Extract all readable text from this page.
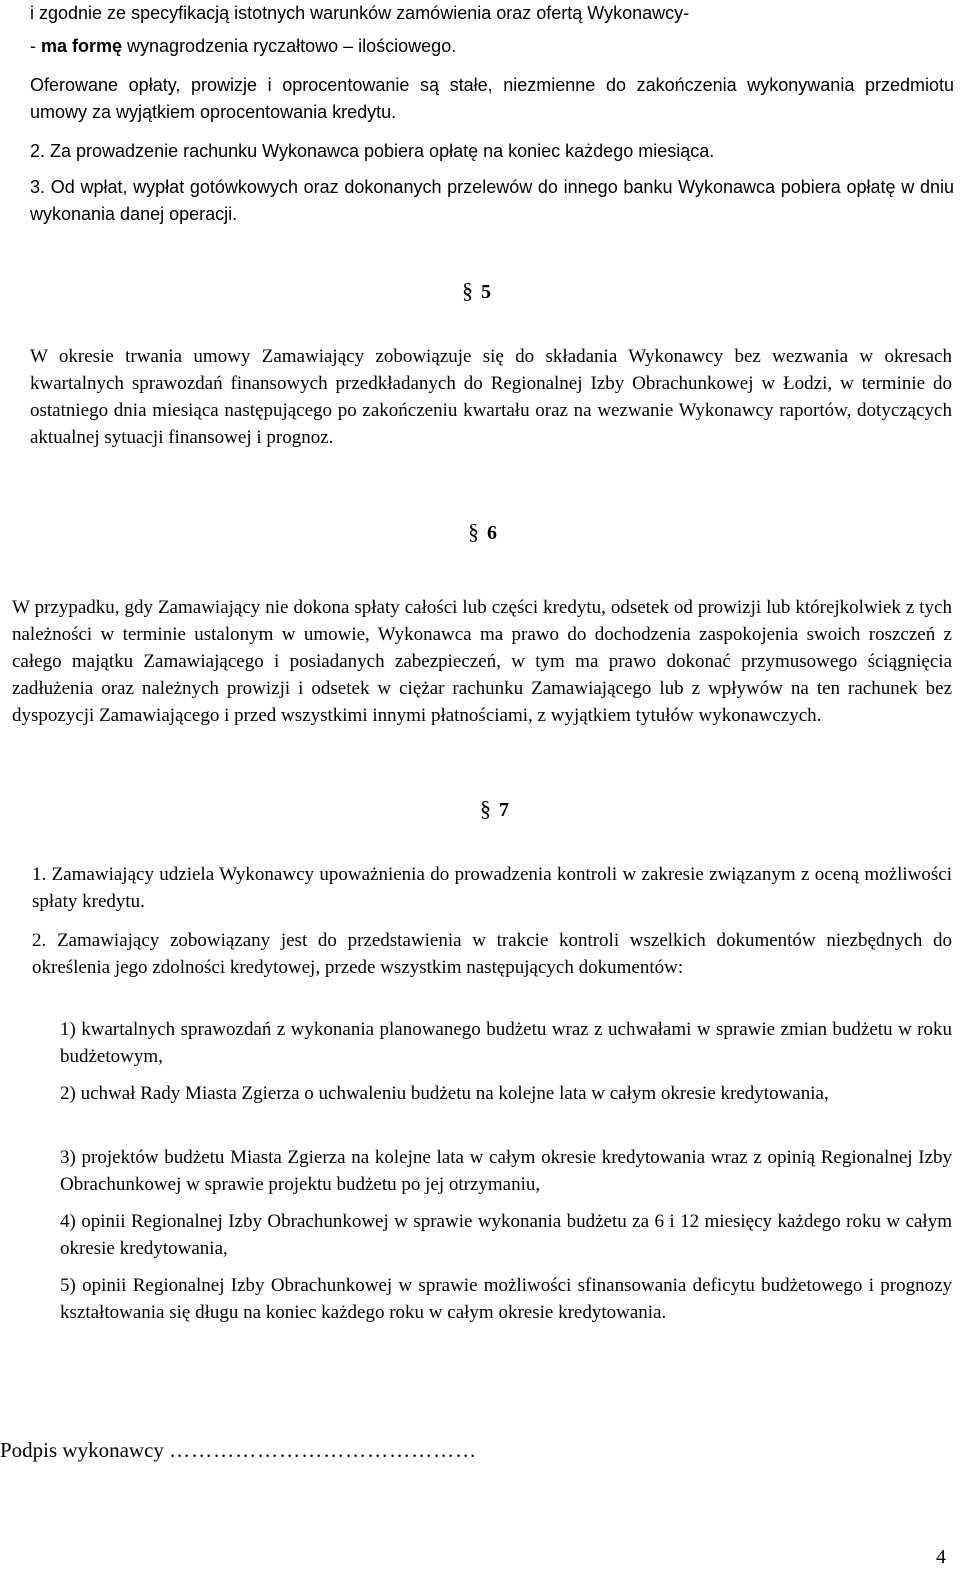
i zgodnie ze specyfikacją istotnych warunków zamówienia oraz ofertą Wykonawcy-
- ma formę wynagrodzenia ryczałtowo – ilościowego.
Oferowane opłaty, prowizje i oprocentowanie są stałe, niezmienne do zakończenia wykonywania przedmiotu umowy za wyjątkiem oprocentowania kredytu.
2. Za prowadzenie rachunku Wykonawca pobiera opłatę na koniec każdego miesiąca.
3. Od wpłat, wypłat gotówkowych oraz dokonanych przelewów do innego banku Wykonawca pobiera opłatę w dniu wykonania danej operacji.
§ 5
W okresie trwania umowy Zamawiający zobowiązuje się do składania Wykonawcy bez wezwania w okresach kwartalnych sprawozdań finansowych przedkładanych do Regionalnej Izby Obrachunkowej w Łodzi, w terminie do ostatniego dnia miesiąca następującego po zakończeniu kwartału oraz na wezwanie Wykonawcy raportów, dotyczących aktualnej sytuacji finansowej i prognoz.
§ 6
W przypadku, gdy Zamawiający nie dokona spłaty całości lub części kredytu, odsetek od prowizji lub którejkolwiek z tych należności w terminie ustalonym w umowie, Wykonawca ma prawo do dochodzenia zaspokojenia swoich roszczeń z całego majątku Zamawiającego i posiadanych zabezpieczeń, w tym ma prawo dokonać przymusowego ściągnięcia zadłużenia oraz należnych prowizji i odsetek w ciężar rachunku Zamawiającego lub z wpływów na ten rachunek bez dyspozycji Zamawiającego i przed wszystkimi innymi płatnościami, z wyjątkiem tytułów wykonawczych.
§ 7
1. Zamawiający udziela Wykonawcy upoważnienia do prowadzenia kontroli w zakresie związanym z oceną możliwości spłaty kredytu.
2. Zamawiający zobowiązany jest do przedstawienia w trakcie kontroli wszelkich dokumentów niezbędnych do określenia jego zdolności kredytowej, przede wszystkim następujących dokumentów:
1) kwartalnych sprawozdań z wykonania planowanego budżetu wraz z uchwałami w sprawie zmian budżetu w roku budżetowym,
2) uchwał Rady Miasta Zgierza o uchwaleniu budżetu na kolejne lata w całym okresie kredytowania,
3) projektów budżetu Miasta Zgierza na kolejne lata w całym okresie kredytowania wraz z opinią Regionalnej Izby Obrachunkowej w sprawie projektu budżetu po jej otrzymaniu,
4) opinii Regionalnej Izby Obrachunkowej w sprawie wykonania budżetu za 6 i 12 miesięcy każdego roku w całym okresie kredytowania,
5) opinii Regionalnej Izby Obrachunkowej w sprawie możliwości sfinansowania deficytu budżetowego i prognozy kształtowania się długu na koniec każdego roku w całym okresie kredytowania.
Podpis wykonawcy ……………………………………
4
